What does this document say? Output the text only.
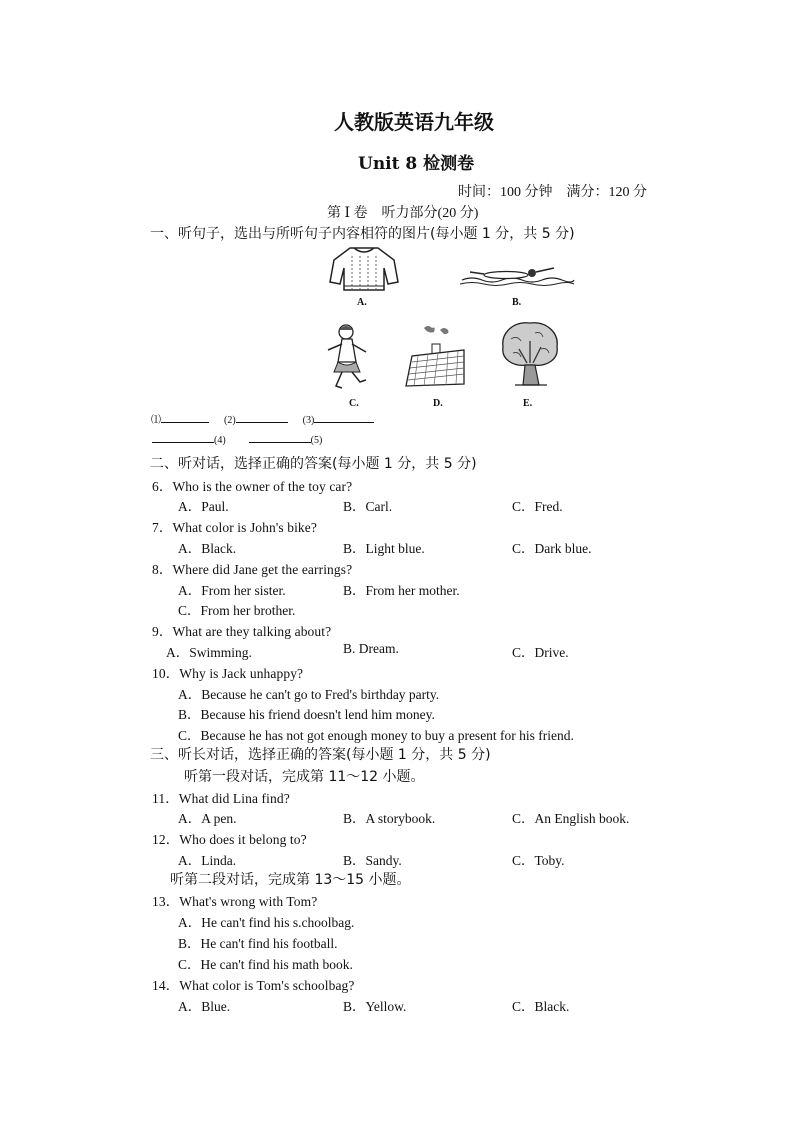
人教版英语九年级
Unit 8 检测卷
时间：100 分钟　满分：120 分
第 Ⅰ 卷　听力部分(20 分)
一、听句子，选出与所听句子内容相符的图片(每小题 1 分，共 5 分)
A.	B.
C.	D.	E.
⑴	(2)	(3)
(4)	(5)
二、听对话，选择正确的答案(每小题 1 分，共 5 分)
6．Who is the owner of the toy car?
A．Paul.	B．Carl.	C．Fred.
7．What color is John's bike?
A．Black.	B．Light blue.	C．Dark blue.
8．Where did Jane get the earrings?
A．From her sister.	B．From her mother.
C．From her brother.
9．What are they talking about?
A．Swimming.	B. Dream.	C．Drive.
10．Why is Jack unhappy?
A．Because he can't go to Fred's birthday party.
B．Because his friend doesn't lend him money.
C．Because he has not got enough money to buy a present for his friend.
三、听长对话，选择正确的答案(每小题 1 分，共 5 分)
听第一段对话，完成第 11～12 小题。
11．What did Lina find?
A．A pen.	B．A storybook.	C．An English book.
12．Who does it belong to?
A．Linda.	B．Sandy.	C．Toby.
听第二段对话，完成第 13～15 小题。
13．What's wrong with Tom?
A．He can't find his s.choolbag.
B．He can't find his football.
C．He can't find his math book.
14．What color is Tom's schoolbag?
A．Blue.	B．Yellow.	C．Black.
